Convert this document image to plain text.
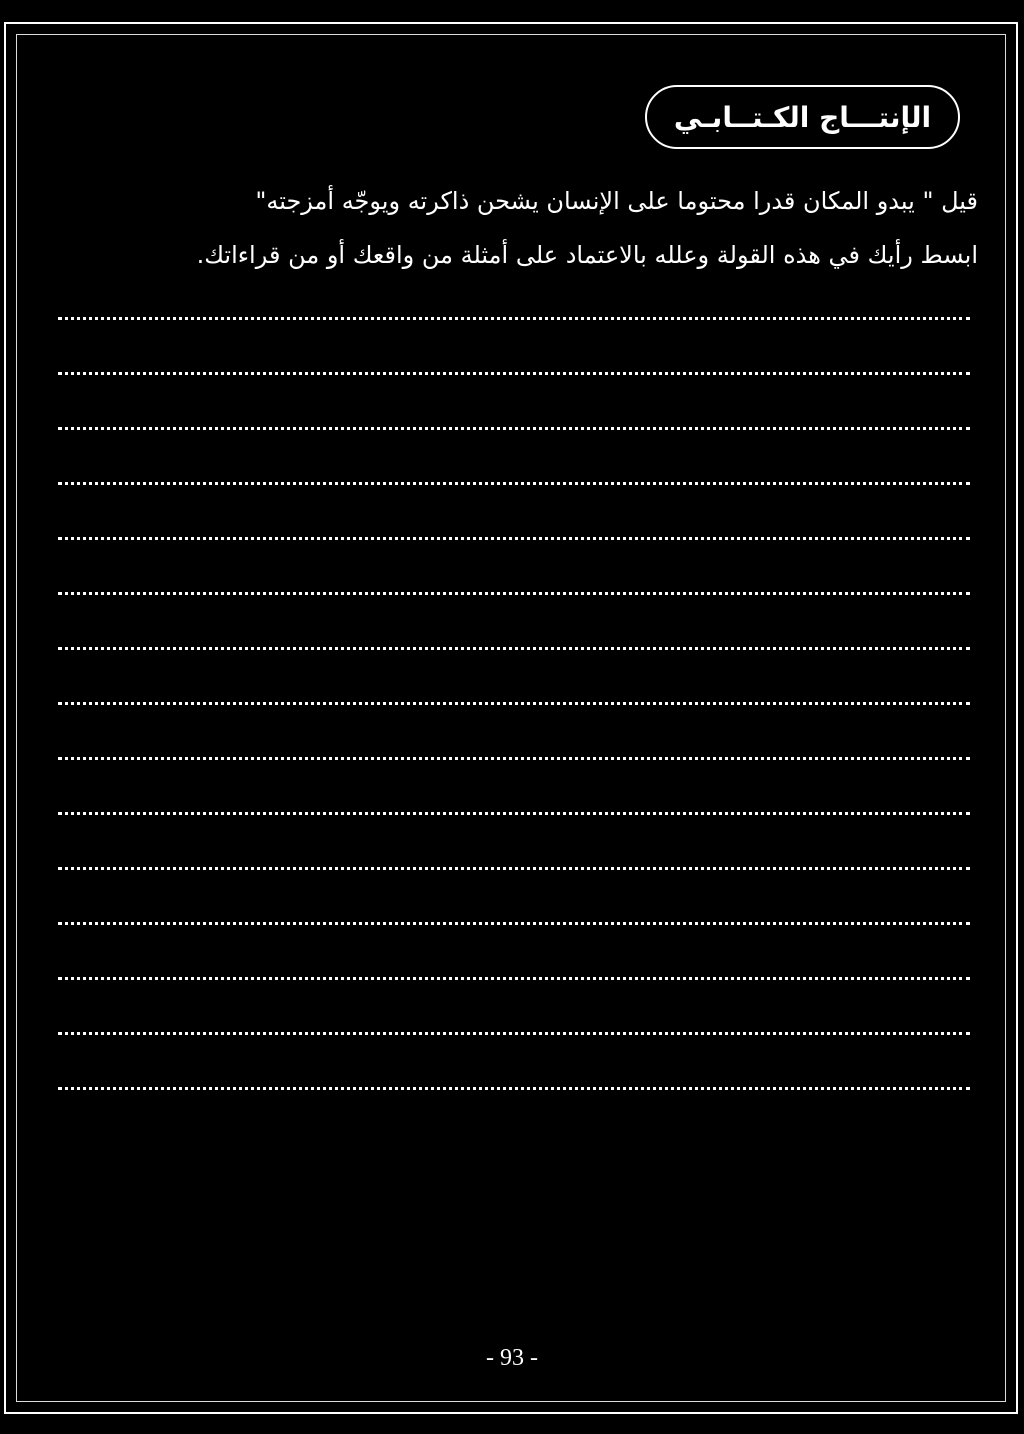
الإنتـــاج الكـتــابـي
قيل " يبدو المكان قدرا محتوما على الإنسان يشحن ذاكرته ويوجّه أمزجته"
ابسط رأيك في هذه القولة وعلله بالاعتماد على أمثلة من واقعك أو من قراءاتك.
- 93 -
